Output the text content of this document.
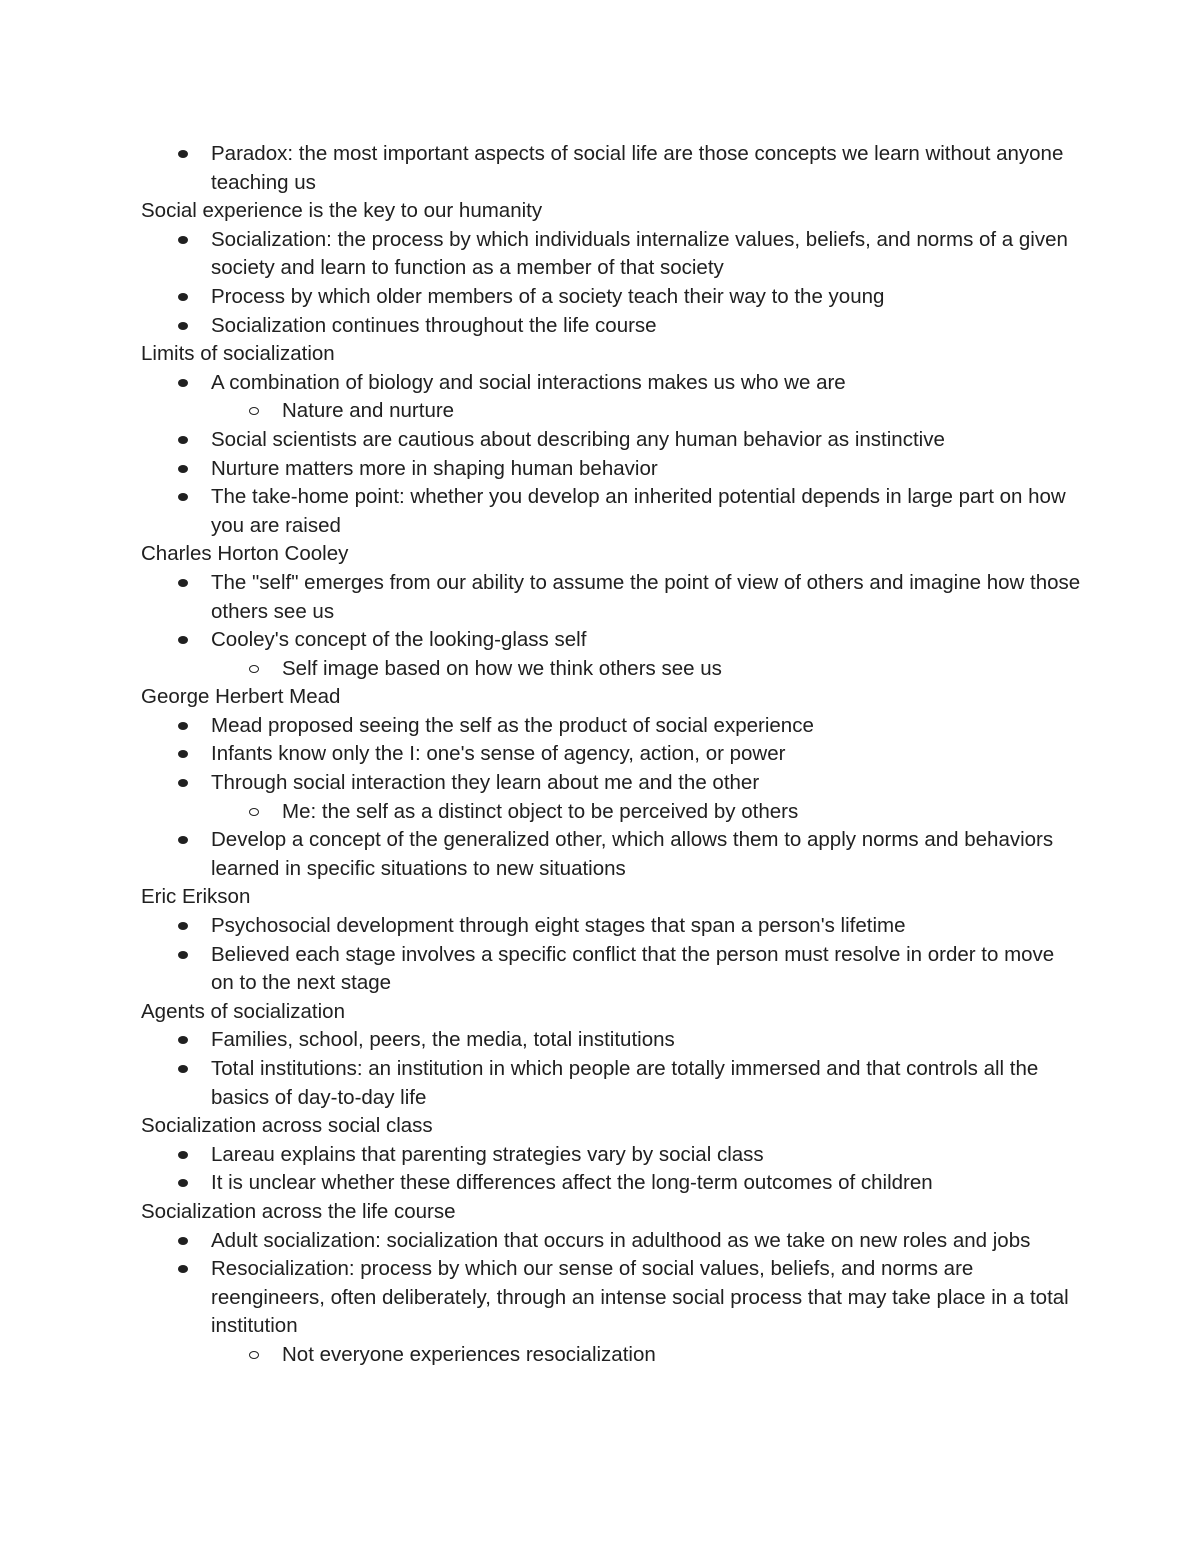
Paradox: the most important aspects of social life are those concepts we learn without anyone teaching us
Social experience is the key to our humanity
Socialization: the process by which individuals internalize values, beliefs, and norms of a given society and learn to function as a member of that society
Process by which older members of a society teach their way to the young
Socialization continues throughout the life course
Limits of socialization
A combination of biology and social interactions makes us who we are
Nature and nurture
Social scientists are cautious about describing any human behavior as instinctive
Nurture matters more in shaping human behavior
The take-home point: whether you develop an inherited potential depends in large part on how you are raised
Charles Horton Cooley
The "self" emerges from our ability to assume the point of view of others and imagine how those others see us
Cooley's concept of the looking-glass self
Self image based on how we think others see us
George Herbert Mead
Mead proposed seeing the self as the product of social experience
Infants know only the I: one's sense of agency, action, or power
Through social interaction they learn about me and the other
Me: the self as a distinct object to be perceived by others
Develop a concept of the generalized other, which allows them to apply norms and behaviors learned in specific situations to new situations
Eric Erikson
Psychosocial development through eight stages that span a person's lifetime
Believed each stage involves a specific conflict that the person must resolve in order to move on to the next stage
Agents of socialization
Families, school, peers, the media, total institutions
Total institutions: an institution in which people are totally immersed and that controls all the basics of day-to-day life
Socialization across social class
Lareau explains that parenting strategies vary by social class
It is unclear whether these differences affect the long-term outcomes of children
Socialization across the life course
Adult socialization: socialization that occurs in adulthood as we take on new roles and jobs
Resocialization: process by which our sense of social values, beliefs, and norms are reengineers, often deliberately, through an intense social process that may take place in a total institution
Not everyone experiences resocialization
